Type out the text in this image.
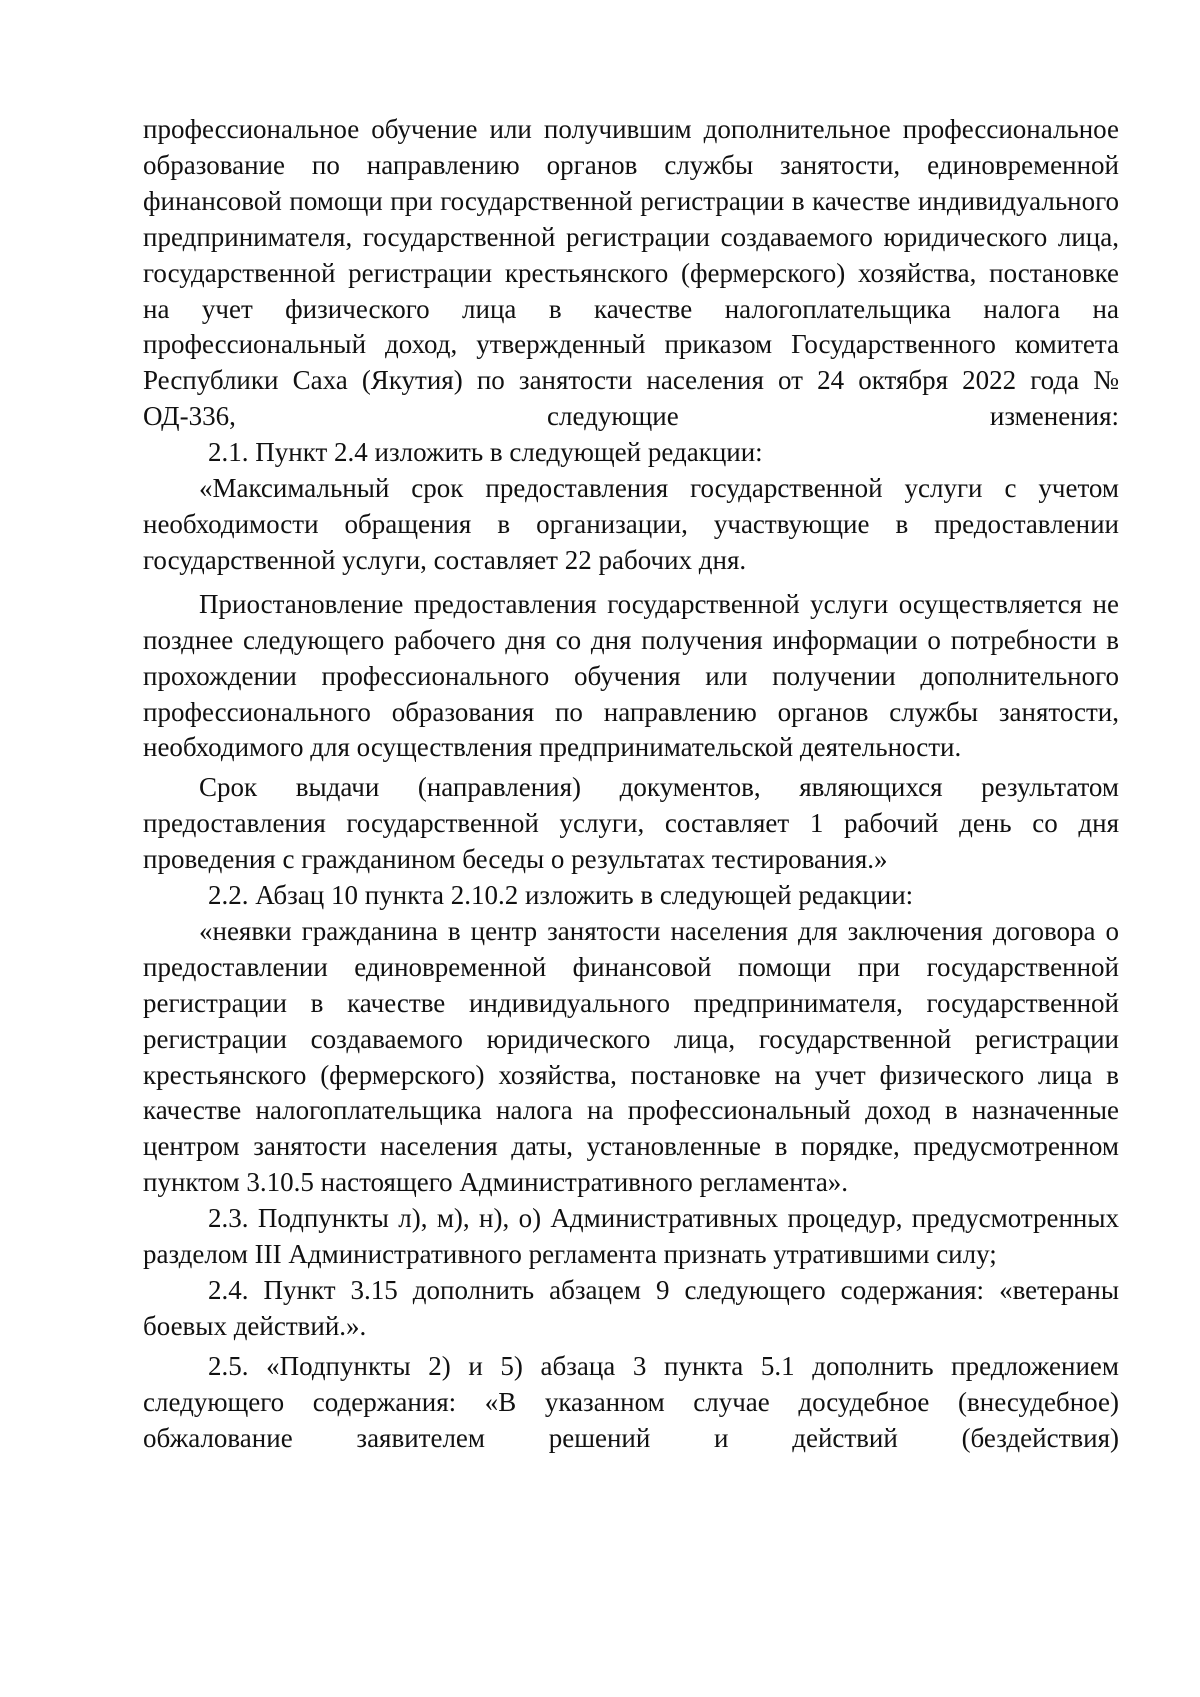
профессиональное обучение или получившим дополнительное профессиональное образование по направлению органов службы занятости, единовременной финансовой помощи при государственной регистрации в качестве индивидуального предпринимателя, государственной регистрации создаваемого юридического лица, государственной регистрации крестьянского (фермерского) хозяйства, постановке на учет физического лица в качестве налогоплательщика налога на профессиональный доход, утвержденный приказом Государственного комитета Республики Саха (Якутия) по занятости населения от 24 октября 2022 года № ОД-336, следующие изменения:

2.1. Пункт 2.4 изложить в следующей редакции:

«Максимальный срок предоставления государственной услуги с учетом необходимости обращения в организации, участвующие в предоставлении государственной услуги, составляет 22 рабочих дня.

Приостановление предоставления государственной услуги осуществляется не позднее следующего рабочего дня со дня получения информации о потребности в прохождении профессионального обучения или получении дополнительного профессионального образования по направлению органов службы занятости, необходимого для осуществления предпринимательской деятельности.

Срок выдачи (направления) документов, являющихся результатом предоставления государственной услуги, составляет 1 рабочий день со дня проведения с гражданином беседы о результатах тестирования.»

2.2. Абзац 10 пункта 2.10.2 изложить в следующей редакции:

«неявки гражданина в центр занятости населения для заключения договора о предоставлении единовременной финансовой помощи при государственной регистрации в качестве индивидуального предпринимателя, государственной регистрации создаваемого юридического лица, государственной регистрации крестьянского (фермерского) хозяйства, постановке на учет физического лица в качестве налогоплательщика налога на профессиональный доход в назначенные центром занятости населения даты, установленные в порядке, предусмотренном пунктом 3.10.5 настоящего Административного регламента».

2.3. Подпункты л), м), н), о) Административных процедур, предусмотренных разделом III Административного регламента признать утратившими силу;

2.4. Пункт 3.15 дополнить абзацем 9 следующего содержания: «ветераны боевых действий.».

2.5. «Подпункты 2) и 5) абзаца 3 пункта 5.1 дополнить предложением следующего содержания: «В указанном случае досудебное (внесудебное) обжалование заявителем решений и действий (бездействия)
